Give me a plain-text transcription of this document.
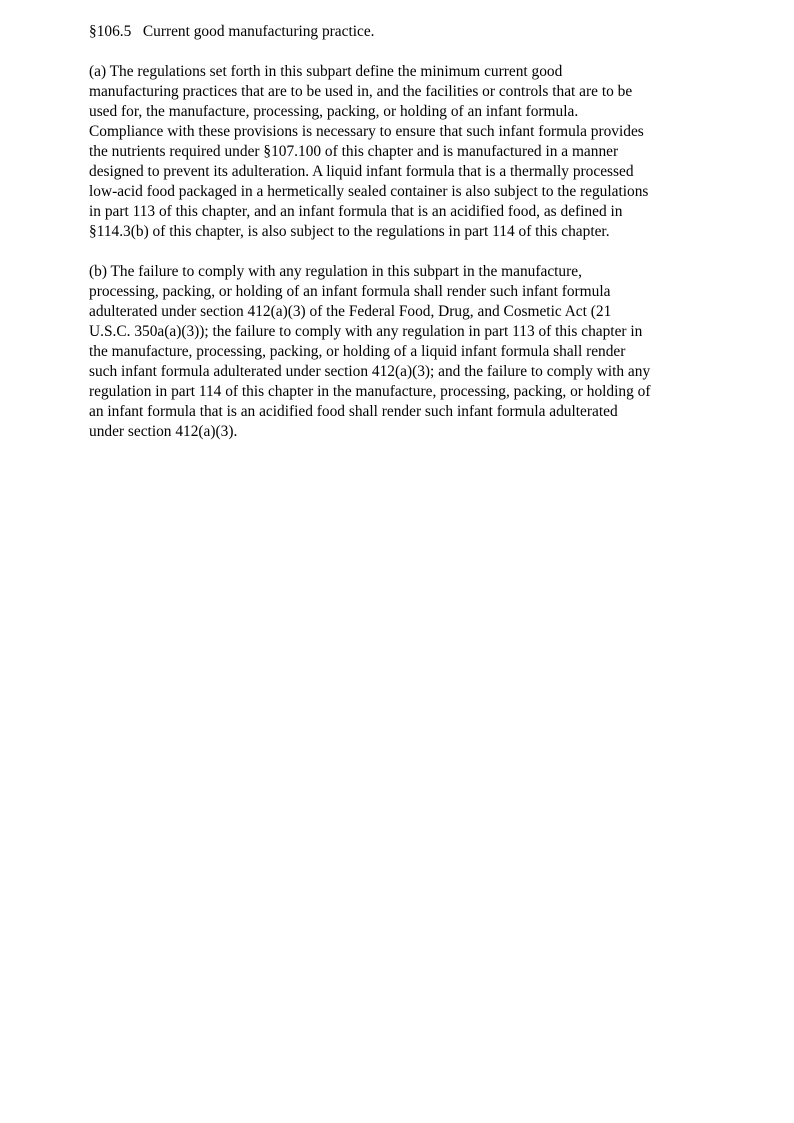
§106.5 Current good manufacturing practice.

(a) The regulations set forth in this subpart define the minimum current good
manufacturing practices that are to be used in, and the facilities or controls that are to be
used for, the manufacture, processing, packing, or holding of an infant formula.
Compliance with these provisions is necessary to ensure that such infant formula provides
the nutrients required under §107.100 of this chapter and is manufactured in a manner
designed to prevent its adulteration. A liquid infant formula that is a thermally processed
low-acid food packaged in a hermetically sealed container is also subject to the regulations
in part 113 of this chapter, and an infant formula that is an acidified food, as defined in
§114.3(b) of this chapter, is also subject to the regulations in part 114 of this chapter.

(b) The failure to comply with any regulation in this subpart in the manufacture,
processing, packing, or holding of an infant formula shall render such infant formula
adulterated under section 412(a)(3) of the Federal Food, Drug, and Cosmetic Act (21
U.S.C. 350a(a)(3)); the failure to comply with any regulation in part 113 of this chapter in
the manufacture, processing, packing, or holding of a liquid infant formula shall render
such infant formula adulterated under section 412(a)(3); and the failure to comply with any
regulation in part 114 of this chapter in the manufacture, processing, packing, or holding of
an infant formula that is an acidified food shall render such infant formula adulterated
under section 412(a)(3).
